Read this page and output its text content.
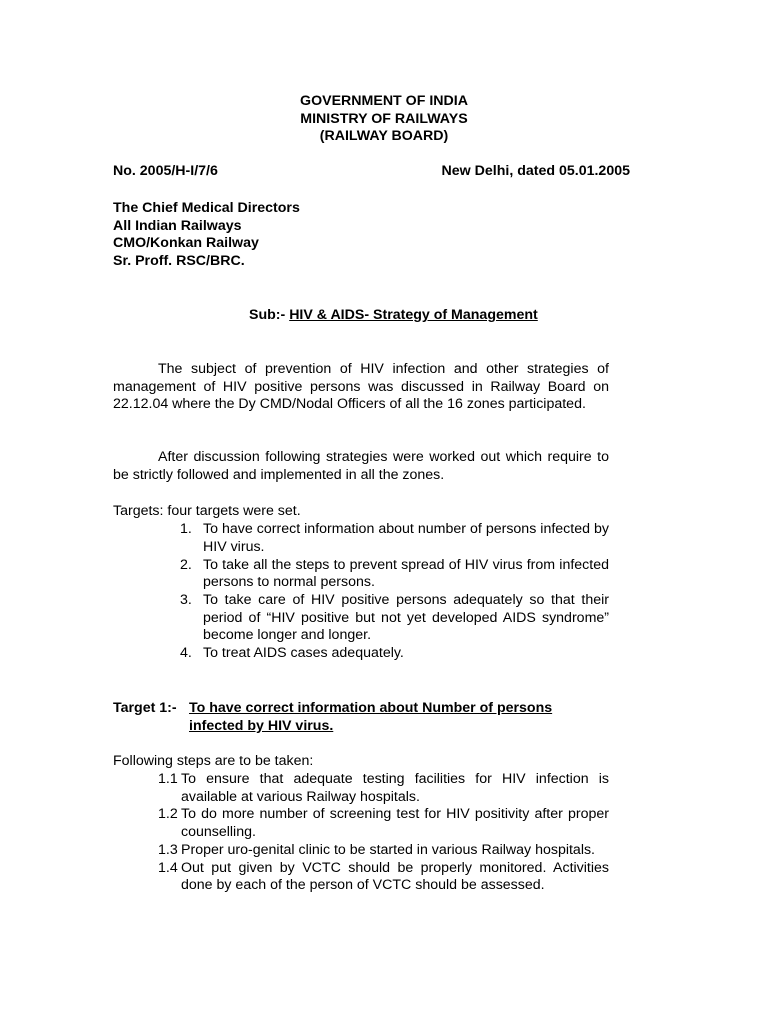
GOVERNMENT OF INDIA
MINISTRY OF RAILWAYS
(RAILWAY BOARD)
No. 2005/H-I/7/6	New Delhi, dated 05.01.2005
The Chief Medical Directors
All Indian Railways
CMO/Konkan Railway
Sr. Proff. RSC/BRC.
Sub:- HIV & AIDS- Strategy of Management
The subject of prevention of HIV infection and other strategies of management of HIV positive persons was discussed in Railway Board on 22.12.04 where the Dy CMD/Nodal Officers of all the 16 zones participated.
After discussion following strategies were worked out which require to be strictly followed and implemented in all the zones.
Targets: four targets were set.
1. To have correct information about number of persons infected by HIV virus.
2. To take all the steps to prevent spread of HIV virus from infected persons to normal persons.
3. To take care of HIV positive persons adequately so that their period of “HIV positive but not yet developed AIDS syndrome” become longer and longer.
4. To treat AIDS cases adequately.
Target 1:- To have correct information about Number of persons
infected by HIV virus.
Following steps are to be taken:
1.1 To ensure that adequate testing facilities for HIV infection is available at various Railway hospitals.
1.2 To do more number of screening test for HIV positivity after proper counselling.
1.3 Proper uro-genital clinic to be started in various Railway hospitals.
1.4 Out put given by VCTC should be properly monitored. Activities done by each of the person of VCTC should be assessed.
